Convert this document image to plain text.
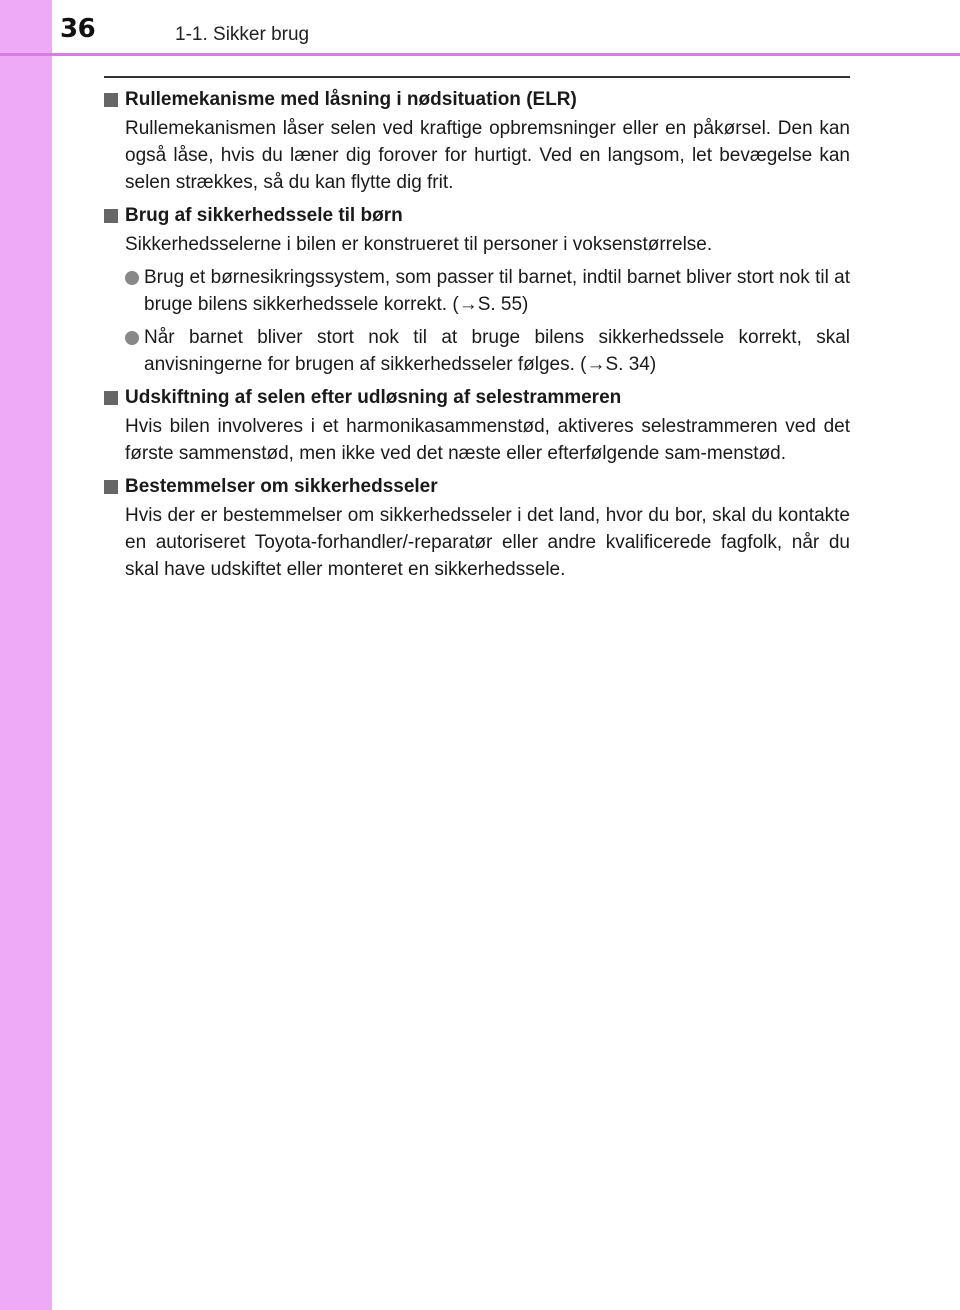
36	1-1. Sikker brug
Rullemekanisme med låsning i nødsituation (ELR)
Rullemekanismen låser selen ved kraftige opbremsninger eller en påkørsel. Den kan også låse, hvis du læner dig forover for hurtigt. Ved en langsom, let bevægelse kan selen strækkes, så du kan flytte dig frit.
Brug af sikkerhedssele til børn
Sikkerhedsselerne i bilen er konstrueret til personer i voksenstørrelse.
Brug et børnesikringssystem, som passer til barnet, indtil barnet bliver stort nok til at bruge bilens sikkerhedssele korrekt. (→S. 55)
Når barnet bliver stort nok til at bruge bilens sikkerhedssele korrekt, skal anvisningerne for brugen af sikkerhedsseler følges. (→S. 34)
Udskiftning af selen efter udløsning af selestrammeren
Hvis bilen involveres i et harmonikasammenstød, aktiveres selestrammeren ved det første sammenstød, men ikke ved det næste eller efterfølgende sam-menstød.
Bestemmelser om sikkerhedsseler
Hvis der er bestemmelser om sikkerhedsseler i det land, hvor du bor, skal du kontakte en autoriseret Toyota-forhandler/-reparatør eller andre kvalificerede fagfolk, når du skal have udskiftet eller monteret en sikkerhedssele.
